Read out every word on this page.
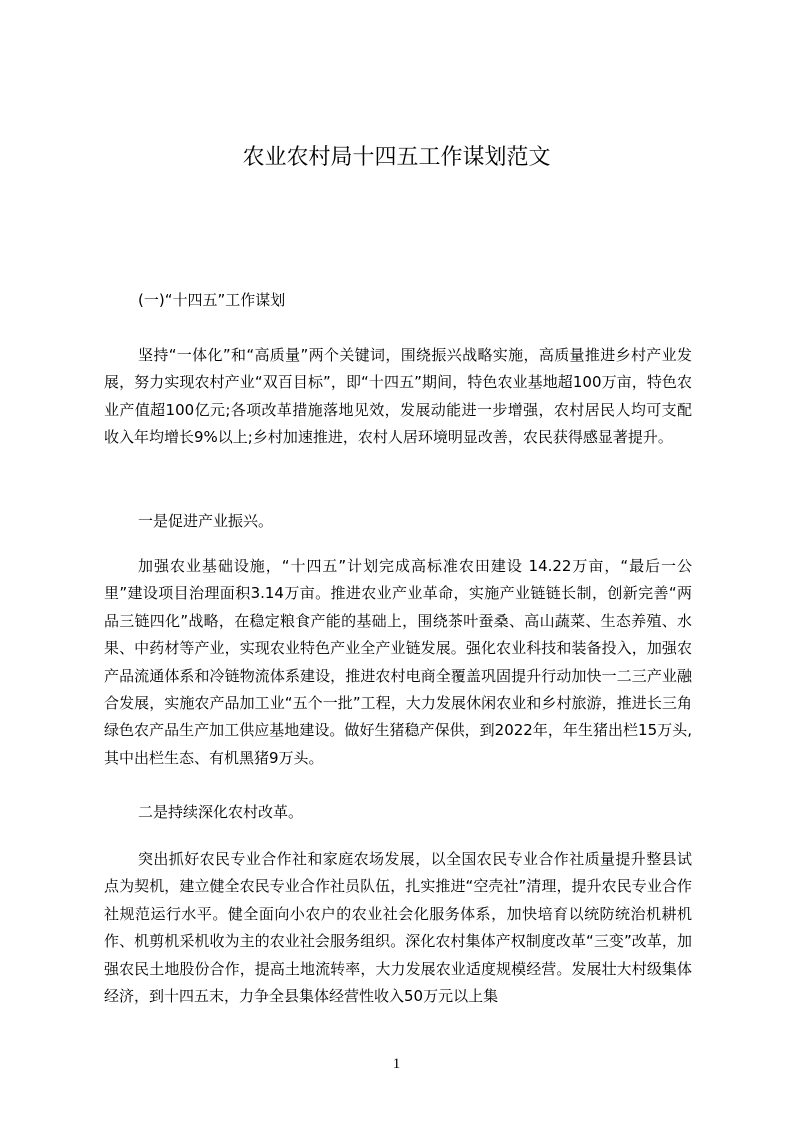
农业农村局十四五工作谋划范文

(一)“十四五”工作谋划

坚持“一体化”和“高质量”两个关键词，围绕振兴战略实施，高质量推进乡村产业发展，努力实现农村产业“双百目标”，即“十四五”期间，特色农业基地超100万亩，特色农业产值超100亿元;各项改革措施落地见效，发展动能进一步增强，农村居民人均可支配收入年均增长9%以上;乡村加速推进，农村人居环境明显改善，农民获得感显著提升。

一是促进产业振兴。

加强农业基础设施，“十四五”计划完成高标准农田建设 14.22万亩，“最后一公里”建设项目治理面积3.14万亩。推进农业产业革命，实施产业链链长制，创新完善“两品三链四化”战略，在稳定粮食产能的基础上，围绕茶叶蚕桑、高山蔬菜、生态养殖、水果、中药材等产业，实现农业特色产业全产业链发展。强化农业科技和装备投入，加强农产品流通体系和冷链物流体系建设，推进农村电商全覆盖巩固提升行动加快一二三产业融合发展，实施农产品加工业“五个一批”工程，大力发展休闲农业和乡村旅游，推进长三角绿色农产品生产加工供应基地建设。做好生猪稳产保供，到2022年，年生猪出栏15万头,其中出栏生态、有机黑猪9万头。

二是持续深化农村改革。

突出抓好农民专业合作社和家庭农场发展，以全国农民专业合作社质量提升整县试点为契机，建立健全农民专业合作社员队伍，扎实推进“空壳社”清理，提升农民专业合作社规范运行水平。健全面向小农户的农业社会化服务体系，加快培育以统防统治机耕机作、机剪机采机收为主的农业社会服务组织。深化农村集体产权制度改革“三变”改革，加强农民土地股份合作，提高土地流转率，大力发展农业适度规模经营。发展壮大村级集体经济，到十四五末，力争全县集体经营性收入50万元以上集

1
